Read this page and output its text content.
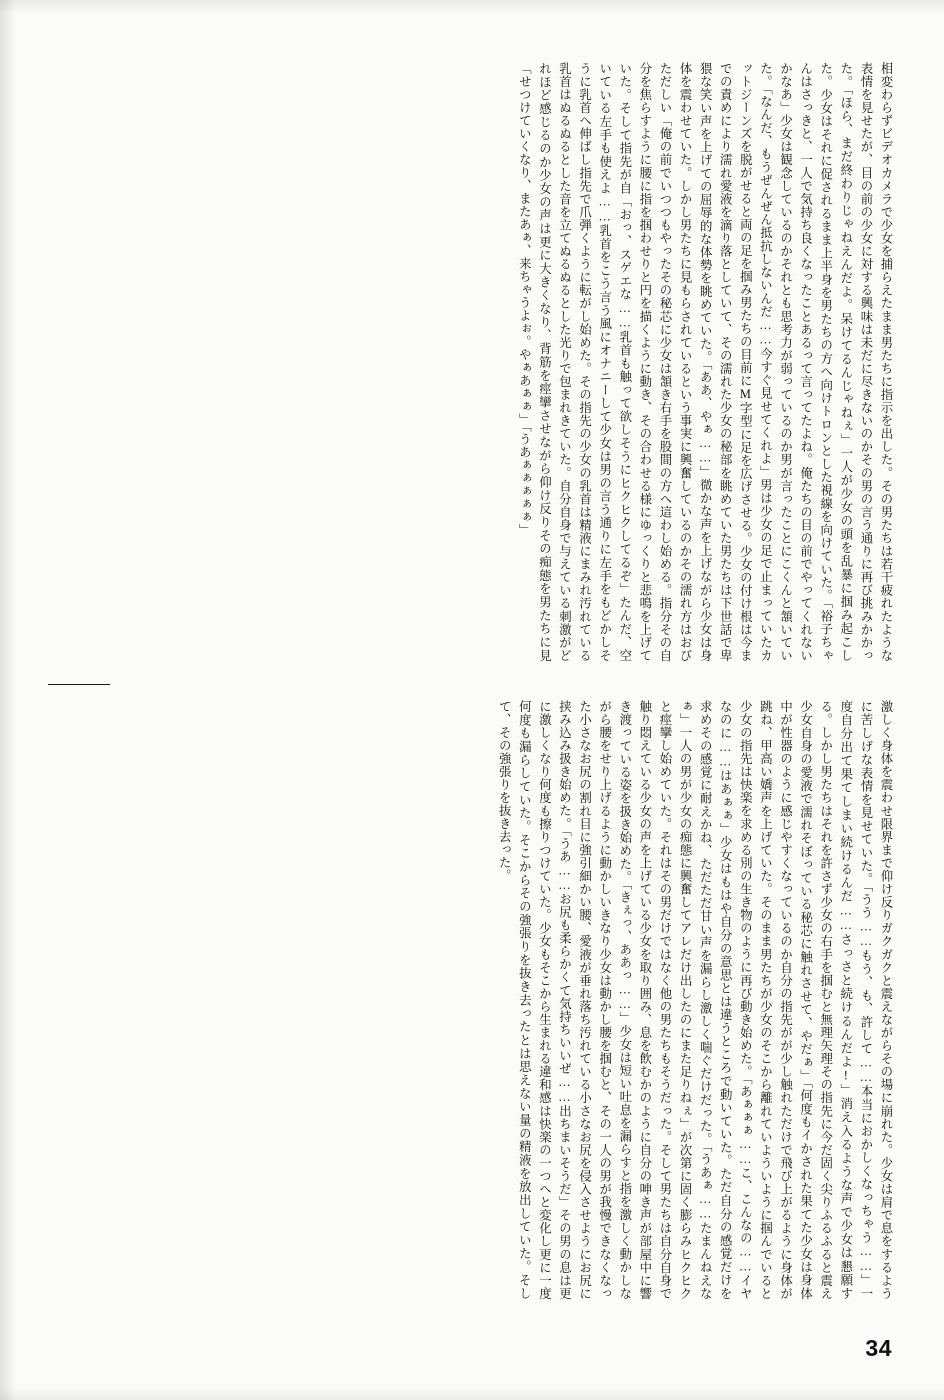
相変わらずビデオカメラで少女を捕らえたまま男たちに指示を出した。その男たちは若干疲れたような表情を見せたが、目の前の少女に対する興味は未だに尽きないのかその男の言う通りに再び挑みかかった。「ほら、まだ終わりじゃねえんだよ。呆けてるんじゃねぇ」一人が少女の頭を乱暴に掴み起こした。少女はそれに促されるまま上半身を男たちの方へ向けトロンとした視線を向けていた。「裕子ちゃんはさっきと、一人で気持ち良くなったことあるって言ってたよね。俺たちの目の前でやってくれないかなあ」少女は観念しているのかそれとも思考力が弱っているのか男が言ったことにこくんと頷いていた。「なんだ、もうぜんぜん抵抗しないんだ……今すぐ見せてくれよ」男は少女の足で止まっていたカットジーンズを脱がせると両の足を掴み男たちの目前にM字型に足を広げさせる。少女の付け根は今までの責めにより濡れ愛液を滴り落としていて、その濡れた少女の秘部を眺めていた男たちは下世話で卑猥な笑い声を上げての屈辱的な体勢を眺めていた。「ああ、やぁ……」微かな声を上げながら少女は身体を震わせていた。しかし男たちに見もらされているという事実に興奮しているのかその濡れ方はおびただしい「俺の前でいつつもやったその秘芯に少女は頷き右手を股間の方へ這わし始める。指分その自分を焦らすように腰に指を掴わせりと円を描くように動き、その合わせる様にゆっくりと悲鳴を上げていた。そして指先が自「おっ、スゲエな……乳首も触って欲しそうにヒクヒクしてるぞ」たんだ、空いている左手も使えよ……乳首をこう言う風にオナニーして少女は男の言う通りに左手をもどかしそうに乳首へ伸ばし指先で爪弾くように転がし始めた。その指先の少女の乳首は精液にまみれ汚れている乳首はぬるぬるとした音を立てぬるぬるとした光りで包まれきていた。自分自身で与えている刺激がどれほど感じるのか少女の声は更に大きくなり、背筋を痙攣させながら仰け反りその痴態を男たちに見「せつけていくなり、またあぁ、来ちゃうよぉ。やぁあぁぁ」「うあぁぁぁぁぁ」

激しく身体を震わせ限界まで仰け反りガクガクと震えながらその場に崩れた。少女は肩で息をするように苦しげな表情を見せていた。「うう……もう、も、許して……本当におかしくなっちゃう……」一度自分出て果てしまい続けるんだ……さっさと続けるんだよ!」消え入るような声で少女は懇願する。しかし男たちはそれを許さず少女の右手を掴むと無理矢理その指先に今だ固く尖りふるふると震え少女自身の愛液で濡れそぼっている秘芯に触れさせて、やだぁ」「何度もイかされた果てた少女は身体中が性器のように感じやすくなっているのか自分の指先がが少し触れただけで飛び上がるように身体が跳ね、甲高い嬌声を上げていた。そのまま男たちが少女のそこから離れていよういように掴んでいると少女の指先は快楽を求める別の生き物のように再び動き始めた。「あぁぁぁ……こ、こんなの……イヤなのに……はあぁぁ」少女はもはや自分の意思とは違うところで動いていた。ただ自分の感覚だけを求めその感覚に耐えかね、ただただ甘い声を漏らし激しく喘ぐだけだった。「うあぁ……たまんねえなぁ」一人の男が少女の痴態に興奮してアレだけ出したのにまた足りねぇ」が次第に固く膨らみヒクヒクと痙攣し始めていた。それはその男だけではなく他の男たちもそうだった。そして男たちは自分自身で触り悶えている少女の声を上げている少女を取り囲み、息を飲むかのように自分の呻き声が部屋中に響き渡っている姿を扱き始めた。「きぇっ、ああっ……」少女は短い吐息を漏らすと指を激しく動かしながら腰をせり上げるように動かしいきなり少女は動かし腰を掴むと、その一人の男が我慢できなくなった小さなお尻の割れ目に強引細かい腰、愛液が垂れ落ち汚れている小さなお尻を侵入させようにお尻に挟み込み扱き始めた。「うあ……お尻も柔らかくて気持ちいいぜ……出ちまいそうだ」その男の息は更に激しくなり何度も擦りつけていた。少女もそこから生まれる違和感は快楽の一つへと変化し更に一度何度も漏らしていた。そこからその強張りを抜き去ったとは思えない量の精液を放出していた。そして、その強張りを抜き去った。

34
